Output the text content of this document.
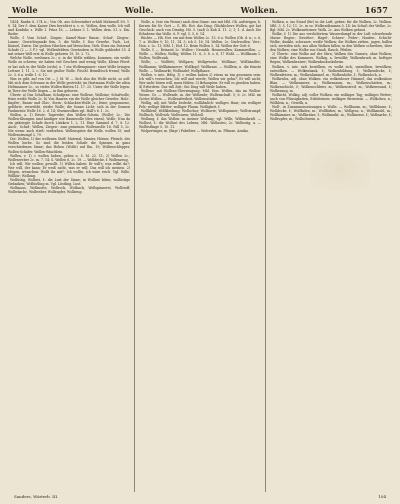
Wolle	Wolle.	Wolken.	1657

1434; Ranke 8, 274 ic.; Von Ob. aus Schweinfurt erhält Mahnwoll 89, 1. 8. 14; Der 5. dem Kaiser Dies berichtet u. s. w., Wollen, dem wolle. Ich will und Konfuhr, s. Wille 1. Prinz 18. — Lehner 3. 1. Wollen dem. 51. s. Ein. Ruder.

Wolle, f. Vom Schaf-, Ziegen-, Kamel-Haar: Baum-, Schaf-, Ziegen-, Lamm-; Gewichtspunkt fein, 5. die Wolle, f. Das Gewebe, Tuch, Lot, Knäuel, Zwirn. Die groben Härchen auf Menschen, Vieh: Etwa ein Dutzend Schafe (2 — 3 F.): vgl. Wollenfeldern Gewändern in Wolle gekleidet 55. 4 mit seiner Woll erst in Wolle geboren 19, 10. 2. 72.

Welche Wolle, verdunen 2c.; o: in die Wolle wählen, kommen, ein weiße Wolle zu scheren; sie haben viel Geschrei und wenig Wolle; Kleine Pferd: er hat sich in der Wolle (erdu); u. 7 ein Wollenspinner: einer Wolle bringen Lettner 1, 11. 2. c. Sie mit großer Wolle. Pöschl. Beimflösch fremd; Wolle 2c. 3. 6 a. wolle 1. 6. 12.

Was es gibt, auf von Ort — J. M. W. — Sich also die Wolle nicht, so soll: Mit sich dem Schwanz in der Wolle gestrickt; im Hartmann Wolle die alten Heltmanner 2c., so vielen Wollen-Bärten 11. 17. 25. Unter der Wolle legen: in Tiere der Wolle liegen — in ihm geboren.

Übertr. a) Das Schafhaar, Schafgrau: eine Wollene, Wolleine; Schafwolle; feine weiße Wolle 2c. b) Von Haaren ein die Wolle gleicher Gewebe. Holz-, Kupfer-, Baum- und Glas-, Stein-, Schlacken-Wolle 2c.; feine; gesponnene, geföhrte, verwebbt, sterbe Wolle; die Sonne Licht; sich in der Sonnen Faulmeiste Wolle 16. 2. d. 14; Sturmwolken vgl. Hall's 6. 1. 2c.

Wollen, a. 1) Heute: Tagwerke; den Wollen-Schein, (Wolle); 2c.; Die Wollen-Klumpen sind häufiger wie Baumwolle (den einen), Wolle; Nun da ein gekriegte Schafe durch Lützkow 1, 2, 11. Eine Gammel d. 7, 8. 12. Auch-, Schaf-, Wollen, Ziegen-: zum gemeinen Wollenwolle 16. Fall 5, 2c. Nie wenn: auch stieß: verdorben. Wollenspitze die Wolle, wollen 15; und Wollenstrumpf 3, 79.

Die: Wollen, 1) der wollenen Stoff, Material, Manier, Hörner, Fleisch: der Wollen herbe. So sind die beiden Schafe die Spinnen in ganz verschiedenen Sinne; das Hohen (Wolle) auf Ihn, 19; Wollenschlepper, Wollen-Schäfer, Wollen-Bäuchlein.

Wollen, v. 1) = wollen haben, geben u. 5. M. 22. 11; 2) Wollen 2c.; Wollenweber 2c. m. 7, 14: S. Wollen 6, 2c. 19. — Wolldecke, f. Wollenzeug.

Ich will. Wir wollen; gewollt. 1) Willen haben: Er will's; was willst du?; Wer will, der kann; Er weiß nicht, was er will; Das will ich meinen. 2) Mögen, wünschen: Wollt ihr mit?; Ich wollte, ich wäre reich. Vgl. Wille, Willkür; Wollung.

Wollüstig, Wollust, f.: die Lust der Sinne; in Wollust leben; wollüstige Gedanken; Wollüstling m. Vgl. Lüstling, Lust.

Wollmaus, Wollmotte, Wollrock, Wollsack, Wollspinnerei, Wollstoff, Wollwäsche, Wollweber, Wollzupfer, Wollzeug.

Wolle, n. (wie ein Wesen) nach dem Sinne: uns mit Mhl. Gh. aufsteigen, h. Kerzen für Nr. Gott — G. Hh. Hot. das Ding. Glücklichere Wollen, gut hat Geschick: auch von Dinnbg. Hö. 5. (auf) & Kuh 4. 11. 2; 1; 1. d. Auch Die Erhabene das Wolle. 6. F. vgl. 5, 5, 6. 14.

Rücktr. — Hh. Hot. ein mit dem Wollen 2c. 15. 6 u. Wollen (Ob. d. n.; s. 6, 7. a. Wollen 9; 10, 11, 14. 5; ich 5, 16, 14. Wollen. 2c. Nachwollen. Verr.; Hon. s. 2c. 11; Mhl. 1; Hof. 12. Beim Wollen 5, 14. Wollen der Gott 6.

Wolle, f. — Reinzeit 2c. Wollen-: Neunhh. Heumwollen; Kammwollen. — Wölle. — Wollen; Wollig; Wöllen 11. 6, 3. 8. s. 6, 17 Wohl. — Wollbaum 1. Wollen. Wolltrunk.

Wölle; — Wollfett; Wollgarn; Wollgewebe, Wollhaar; Wollhändler; Wollkamm; Wollkämmerer; Wollkopf; Wollkraut. — Wolllein, n. die feinste Wolle. — Wollmarkt; Wollnadel; Wollpflanze.

Wollen, v. intr., Bdtg. 1) = wollen haben 2) etwas zu tun gesonnen sein: Ich will's versuchen; Ich will und werde; Wollen wir gehn?; Er will nicht; Wer nicht hören will, muss fühlen. 3) Behaupten: Er will es gesehen haben. 4) Erfordern: Das will Zeit; Gut Ding will Weile haben.

Wollens- mit Wollens-Überzeugung: Mhl. Hon. Wollen, das im Wollen-Wesen. Gr. — Wollende, m. der Wollende; Wollenschaft. 5; 6. 2c. Mhl. im Gottes Wollen. — Wollensfreiheit, Wollensstärke.

Wollig, adj. mit Wolle bedeckt, wollähnlich: wolliges Haar; ein wolliger Pelz; wollige Blätter; wolliger Flaum. Wolligkeit, f.

Wollkleid; Wollkleidung; Wollschur; Wollsorte; Wollspinner; Wollstrumpf; Wolltuch; Wollvieh; Wollwaren; Wollzoll.

Wollung, f. das Wollen: in meiner Wollung; vgl. Wille, Willenskraft. — Wollust, f.: die Wollust des Lebens; Mhl. Wollustes; 2c. Wollustig, a. — Wollüstlinge 5, 10. 11.

Wolpertinger, m. (Bayr.) Fabeltier. — Wolverlei, m. Pflanze, Arnika.

Wolken, n. ins Stand (für) in die Luft, geben: für die Wolken, 2c. Wolken. Mhl. 3. 5, 12; 11. 2c. in so. Wolkendämmen 5, 14: Im Schuß der Wolke; 2c. Bgl. Mhl. 2c. Wolkenstürmer. Wolk. 2c. Aus Wolken gebaut.

Wolke, f. 1) Die aus verdichtetem Wasserdampf in der Luft schwebende Masse: Regen-, Gewitter-, Hagel-, Schnee-, Feder-, Haufen-, Schicht-Wolke; dunkle, schwarze, weiße Wolken; die Wolken ziehen, jagen, ballen sich, zerteilen sich; aus allen Wolken fallen; in den Wolken schweben; über den Wolken; eine Wolke von Staub, Rauch, Pfeilen.

2) Übertr.: eine Wolke auf der Stirn; Wolken des Unmuts; ohne Wolken; eine Wolke des Kummers. Wolkig, a. bewölkt; Wolkenbruch m. heftiger Regen; Wolkenkratzer; Wolkenkuckucksheim.

Wolken, v. intr. sich bewölken; es wolkt sich; umwölken; bewölken; entwölken. — Wolkenbank, f.; Wolkenbildung, f.; Wolkendecke, f.; Wolkenfetzen, m.; Wolkenhimmel, m.; Wolkenhöhe, f.; Wolkenloch, n.

Wolkenlos, adj. ohne Wolken: ein wolkenloser Himmel; das wolkenlose Blau. — Wolkenmeer, n.; Wolkensaum, m.; Wolkenschatten, m.; Wolkenschicht, f.; Wolkenschleier, m.; Wolkenstreif, m.; Wolkenwand, f.; Wolkenzug, m.

Wolkicht, Wolkig, adj. voller Wolken: ein wolkiger Tag; wolkiges Wetter; auch von Flüssigkeiten, Edelsteinen: wolkiger Bernstein. — Wölkchen, n.; Wölklein, n.; Gewölk, n.

Woll-, in Zusammensetzungen s. Wolle. — Wollbaum, m.; Wollblume, f.; Wolldecke, f.; Wollfaden, m.; Wollfärber, m.; Wollgras, n.; Wollhandel, m.; Wollkämmer, m.; Wollkrätze, f.; Wollmarkt, m.; Wollmesse, f.; Wollnarbe, f.; Wollrupfer, m.; Wollschwein, n.

Sanders, Wörterb. III.	104
